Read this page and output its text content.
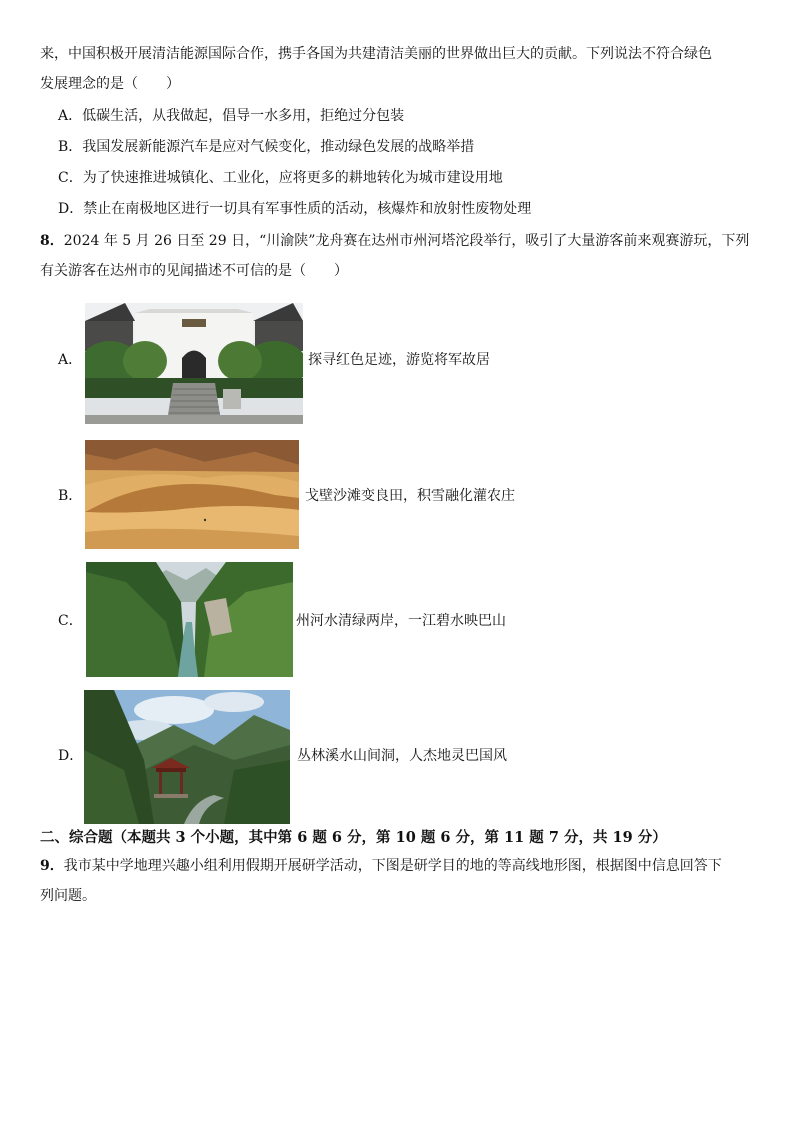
来，中国积极开展清洁能源国际合作，携手各国为共建清洁美丽的世界做出巨大的贡献。下列说法不符合绿色
发展理念的是（　　）
A．低碳生活，从我做起，倡导一水多用，拒绝过分包装
B．我国发展新能源汽车是应对气候变化，推动绿色发展的战略举措
C．为了快速推进城镇化、工业化，应将更多的耕地转化为城市建设用地
D．禁止在南极地区进行一切具有军事性质的活动，核爆炸和放射性废物处理
8．2024 年 5 月 26 日至 29 日，“川渝陕”龙舟赛在达州市州河塔沱段举行，吸引了大量游客前来观赛游玩，下列
有关游客在达州市的见闻描述不可信的是（　　）
A．	探寻红色足迹，游览将军故居
B．	戈壁沙滩变良田，积雪融化灌农庄
C．	州河水清绿两岸，一江碧水映巴山
D．	丛林溪水山间洞，人杰地灵巴国风
二、综合题（本题共 3 个小题，其中第 6 题 6 分，第 10 题 6 分，第 11 题 7 分，共 19 分）
9．我市某中学地理兴趣小组利用假期开展研学活动，下图是研学目的地的等高线地形图，根据图中信息回答下
列问题。
